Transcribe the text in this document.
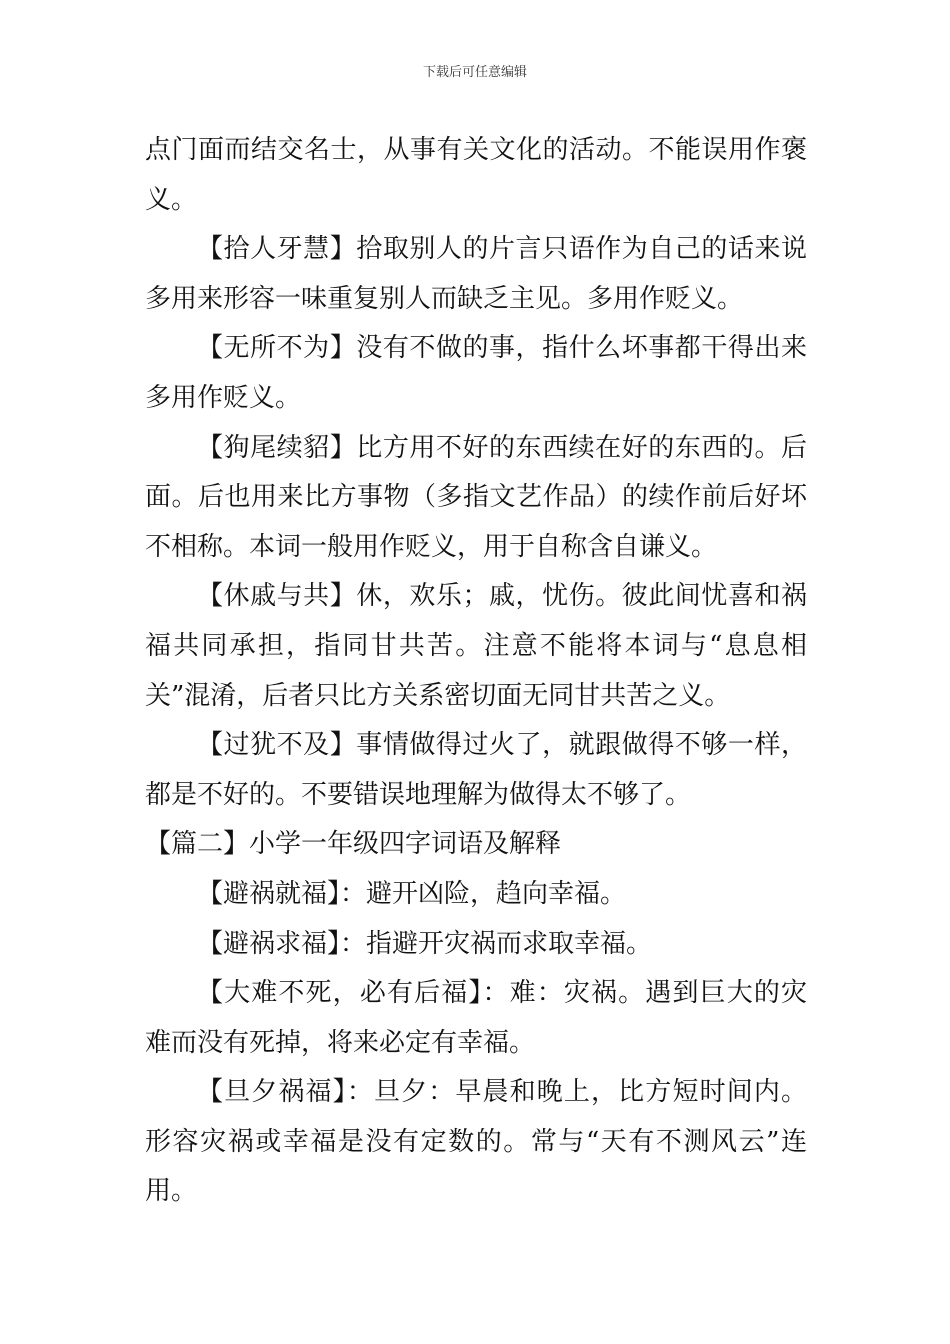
下载后可任意编辑

点门面而结交名士，从事有关文化的活动。不能误用作褒义。

【拾人牙慧】拾取别人的片言只语作为自己的话来说多用来形容一味重复别人而缺乏主见。多用作贬义。

【无所不为】没有不做的事，指什么坏事都干得出来多用作贬义。

【狗尾续貂】比方用不好的东西续在好的东西的。后面。后也用来比方事物（多指文艺作品）的续作前后好坏不相称。本词一般用作贬义，用于自称含自谦义。

【休戚与共】休，欢乐；戚，忧伤。彼此间忧喜和祸福共同承担，指同甘共苦。注意不能将本词与“息息相关”混淆，后者只比方关系密切面无同甘共苦之义。

【过犹不及】事情做得过火了，就跟做得不够一样，都是不好的。不要错误地理解为做得太不够了。

【篇二】小学一年级四字词语及解释

【避祸就福】：避开凶险，趋向幸福。

【避祸求福】：指避开灾祸而求取幸福。

【大难不死，必有后福】：难：灾祸。遇到巨大的灾难而没有死掉，将来必定有幸福。

【旦夕祸福】：旦夕：早晨和晚上，比方短时间内。形容灾祸或幸福是没有定数的。常与“天有不测风云”连用。
